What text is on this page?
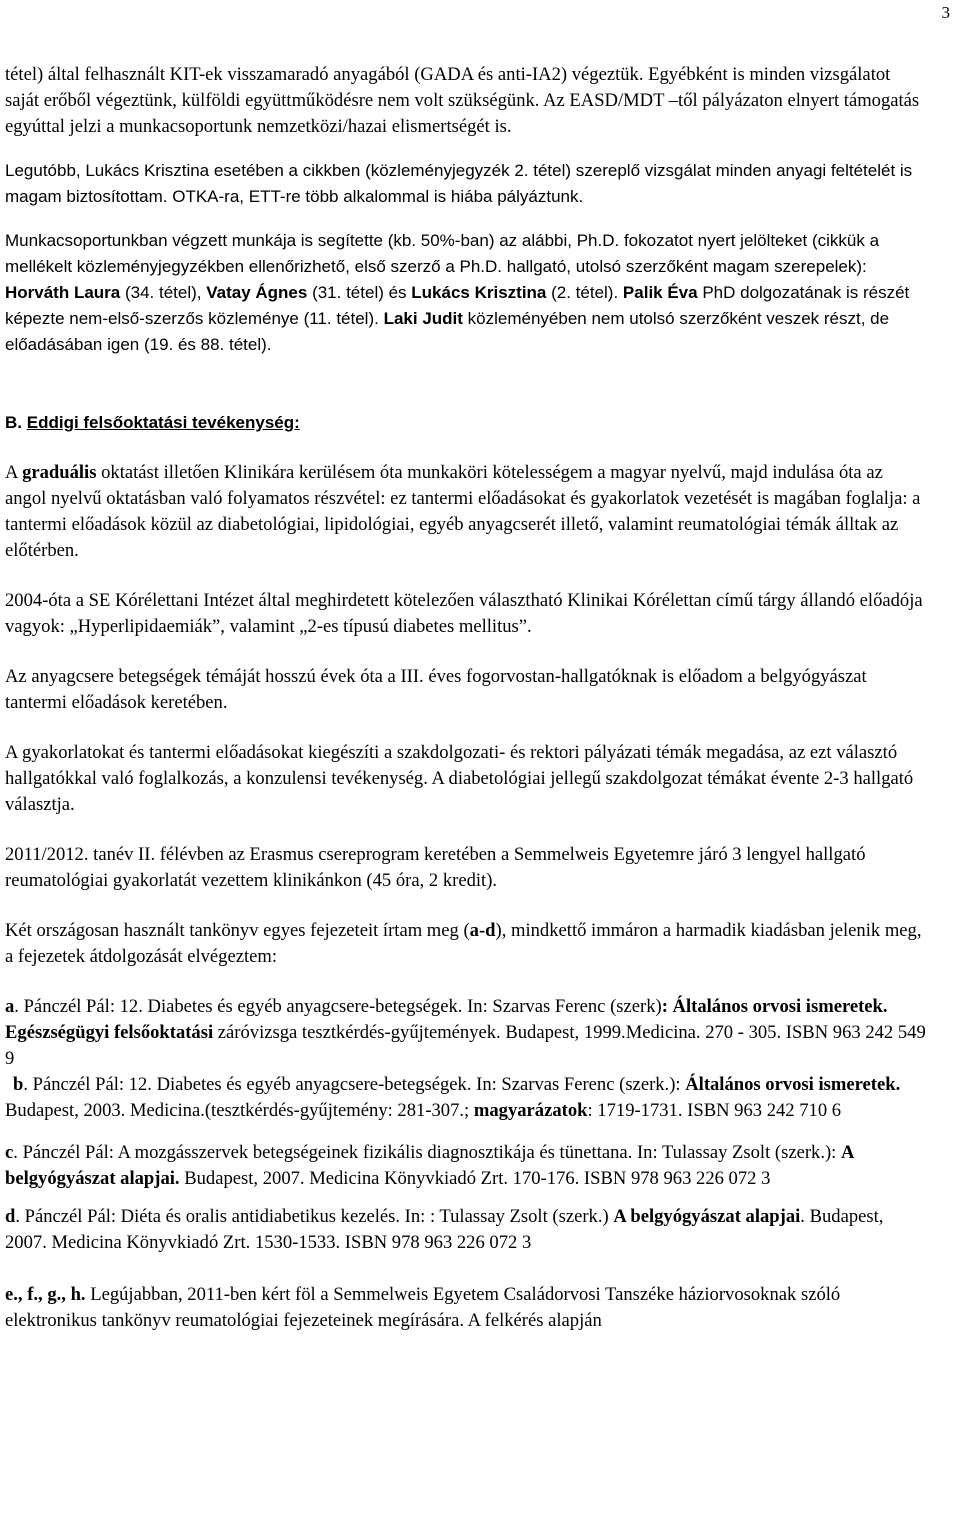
3

tétel) által felhasznált KIT-ek visszamaradó anyagából (GADA és anti-IA2) végeztük. Egyébként is minden vizsgálatot saját erőből végeztünk, külföldi együttműködésre nem volt szükségünk. Az EASD/MDT –től pályázaton elnyert támogatás egyúttal jelzi a munkacsoportunk nemzetközi/hazai elismertségét is.

Legutóbb, Lukács Krisztina esetében a cikkben (közleményjegyzék 2. tétel) szereplő vizsgálat minden anyagi feltételét is magam biztosítottam. OTKA-ra, ETT-re több alkalommal is hiába pályáztunk.

Munkacsoportunkban végzett munkája is segítette (kb. 50%-ban) az alábbi, Ph.D. fokozatot nyert jelölteket (cikkük a mellékelt közleményjegyzékben ellenőrizhető, első szerző a Ph.D. hallgató, utolsó szerzőként magam szerepelek): Horváth Laura (34. tétel), Vatay Ágnes (31. tétel) és Lukács Krisztina (2. tétel). Palik Éva PhD dolgozatának is részét képezte nem-első-szerzős közleménye (11. tétel). Laki Judit közleményében nem utolsó szerzőként veszek részt, de előadásában igen (19. és 88. tétel).

B. Eddigi felsőoktatási tevékenység:

A graduális oktatást illetően Klinikára kerülésem óta munkaköri kötelességem a magyar nyelvű, majd indulása óta az angol nyelvű oktatásban való folyamatos részvétel: ez tantermi előadásokat és gyakorlatok vezetését is magában foglalja: a tantermi előadások közül az diabetológiai, lipidológiai, egyéb anyagcserét illető, valamint reumatológiai témák álltak az előtérben.

2004-óta a SE Kórélettani Intézet által meghirdetett kötelezően választható Klinikai Kórélettan című tárgy állandó előadója vagyok: „Hyperlipidaemiák”, valamint „2-es típusú diabetes mellitus”.

Az anyagcsere betegségek témáját hosszú évek óta a III. éves fogorvostan-hallgatóknak is előadom a belgyógyászat tantermi előadások keretében.

A gyakorlatokat és tantermi előadásokat kiegészíti a szakdolgozati- és rektori pályázati témák megadása, az ezt választó hallgatókkal való foglalkozás, a konzulensi tevékenység. A diabetológiai jellegű szakdolgozat témákat évente 2-3 hallgató választja.

2011/2012. tanév II. félévben az Erasmus csereprogram keretében a Semmelweis Egyetemre járó 3 lengyel hallgató reumatológiai gyakorlatát vezettem klinikánkon (45 óra, 2 kredit).

Két országosan használt tankönyv egyes fejezeteit írtam meg (a-d), mindkettő immáron a harmadik kiadásban jelenik meg, a fejezetek átdolgozását elvégeztem:

a. Pánczél Pál: 12. Diabetes és egyéb anyagcsere-betegségek. In: Szarvas Ferenc (szerk): Általános orvosi ismeretek. Egészségügyi felsőoktatási záróvizsga tesztkérdés-gyűjtemények. Budapest, 1999.Medicina. 270 - 305. ISBN 963 242 549 9

b. Pánczél Pál: 12. Diabetes és egyéb anyagcsere-betegségek. In: Szarvas Ferenc (szerk.): Általános orvosi ismeretek. Budapest, 2003. Medicina.(tesztkérdés-gyűjtemény: 281-307.; magyarázatok: 1719-1731. ISBN 963 242 710 6

c. Pánczél Pál: A mozgásszervek betegségeinek fizikális diagnosztikája és tünettana. In: Tulassay Zsolt (szerk.): A belgyógyászat alapjai. Budapest, 2007. Medicina Könyvkiadó Zrt. 170-176. ISBN 978 963 226 072 3

d. Pánczél Pál: Diéta és oralis antidiabetikus kezelés. In: : Tulassay Zsolt (szerk.) A belgyógyászat alapjai. Budapest, 2007. Medicina Könyvkiadó Zrt. 1530-1533. ISBN 978 963 226 072 3

e., f., g., h. Legújabban, 2011-ben kért föl a Semmelweis Egyetem Családorvosi Tanszéke háziorvosoknak szóló elektronikus tankönyv reumatológiai fejezeteinek megírására. A felkérés alapján
